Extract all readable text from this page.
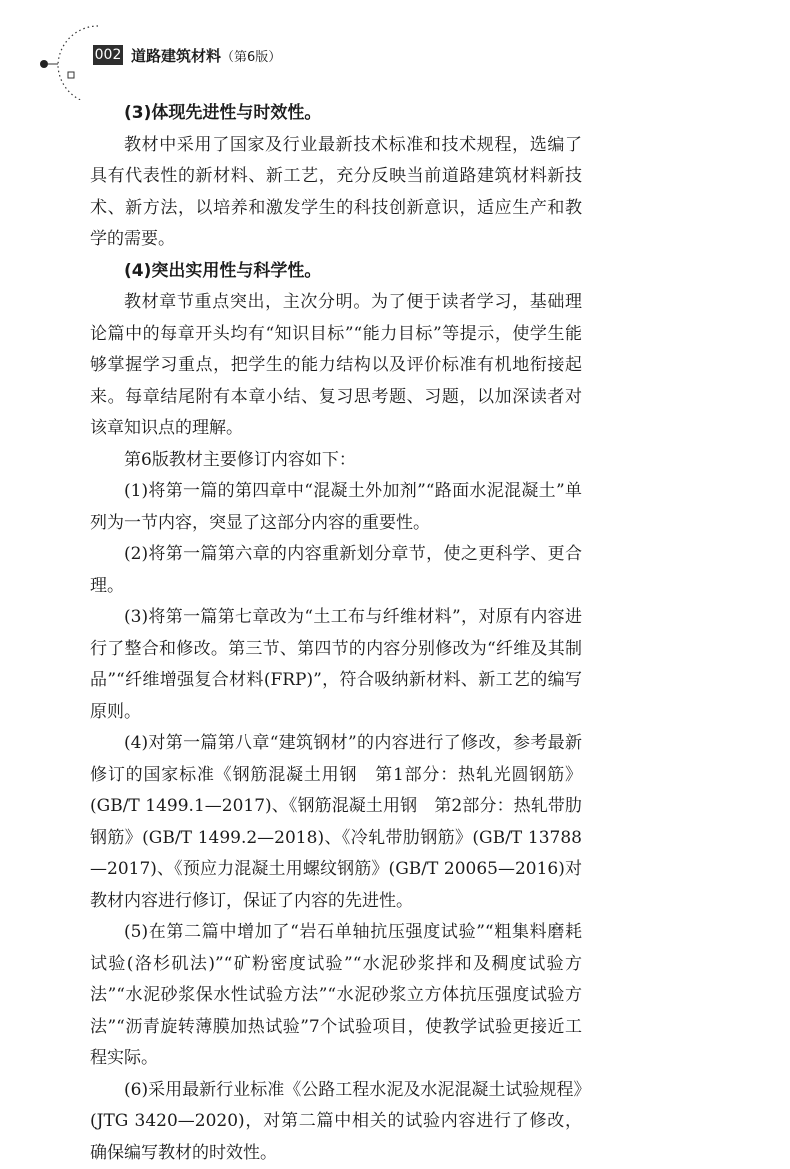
002 道路建筑材料（第6版）

(3)体现先进性与时效性。

教材中采用了国家及行业最新技术标准和技术规程，选编了具有代表性的新材料、新工艺，充分反映当前道路建筑材料新技术、新方法，以培养和激发学生的科技创新意识，适应生产和教学的需要。

(4)突出实用性与科学性。

教材章节重点突出，主次分明。为了便于读者学习，基础理论篇中的每章开头均有“知识目标”“能力目标”等提示，使学生能够掌握学习重点，把学生的能力结构以及评价标准有机地衔接起来。每章结尾附有本章小结、复习思考题、习题，以加深读者对该章知识点的理解。

第6版教材主要修订内容如下：

(1)将第一篇的第四章中“混凝土外加剂”“路面水泥混凝土”单列为一节内容，突显了这部分内容的重要性。

(2)将第一篇第六章的内容重新划分章节，使之更科学、更合理。

(3)将第一篇第七章改为“土工布与纤维材料”，对原有内容进行了整合和修改。第三节、第四节的内容分别修改为“纤维及其制品”“纤维增强复合材料(FRP)”，符合吸纳新材料、新工艺的编写原则。

(4)对第一篇第八章“建筑钢材”的内容进行了修改，参考最新修订的国家标准《钢筋混凝土用钢　第1部分：热轧光圆钢筋》(GB/T 1499.1—2017)、《钢筋混凝土用钢　第2部分：热轧带肋钢筋》(GB/T 1499.2—2018)、《冷轧带肋钢筋》(GB/T 13788—2017)、《预应力混凝土用螺纹钢筋》(GB/T 20065—2016)对教材内容进行修订，保证了内容的先进性。

(5)在第二篇中增加了“岩石单轴抗压强度试验”“粗集料磨耗试验(洛杉矶法)”“矿粉密度试验”“水泥砂浆拌和及稠度试验方法”“水泥砂浆保水性试验方法”“水泥砂浆立方体抗压强度试验方法”“沥青旋转薄膜加热试验”7个试验项目，使教学试验更接近工程实际。

(6)采用最新行业标准《公路工程水泥及水泥混凝土试验规程》(JTG 3420—2020)，对第二篇中相关的试验内容进行了修改，确保编写教材的时效性。
